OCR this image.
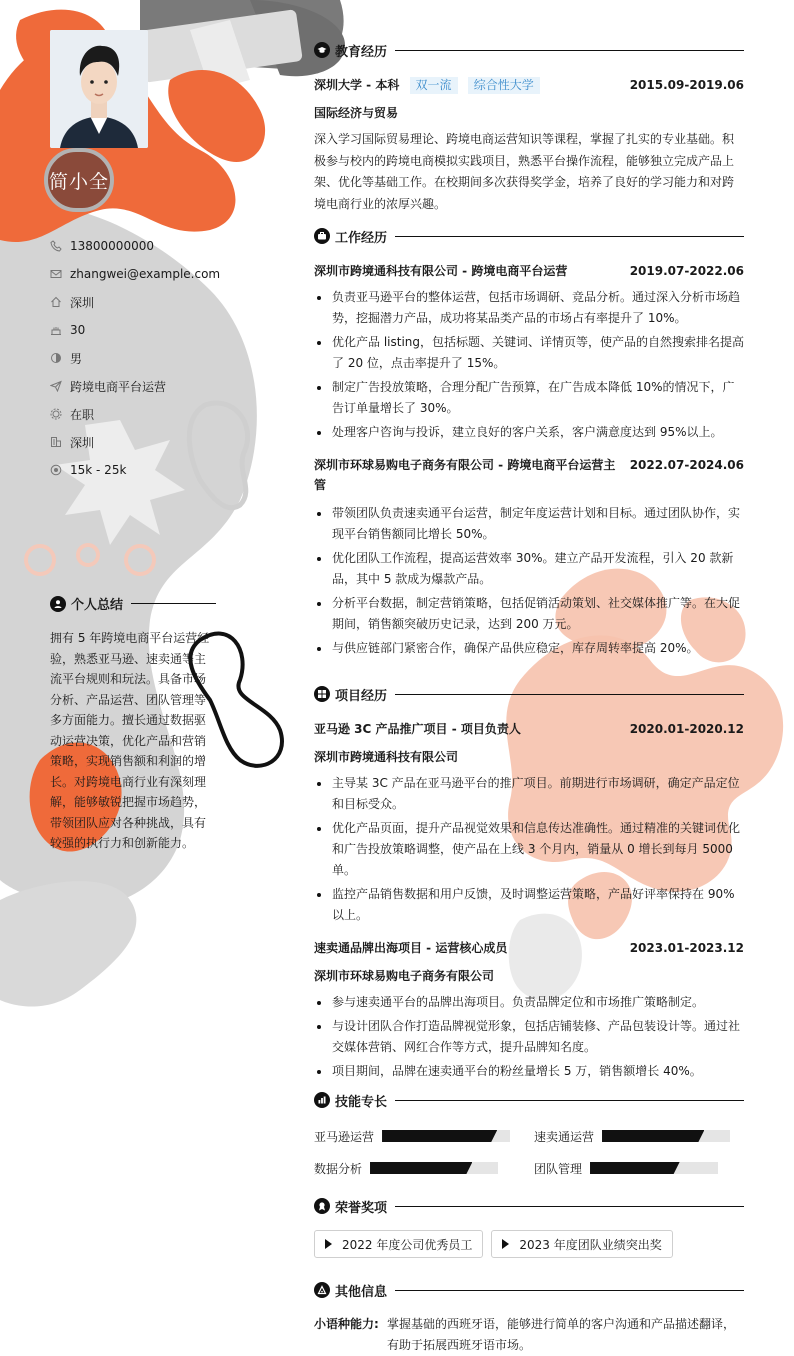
简小全
13800000000
zhangwei@example.com
深圳
30
男
跨境电商平台运营
在职
深圳
15k - 25k
个人总结
拥有 5 年跨境电商平台运营经验，熟悉亚马逊、速卖通等主流平台规则和玩法。具备市场分析、产品运营、团队管理等多方面能力。擅长通过数据驱动运营决策，优化产品和营销策略，实现销售额和利润的增长。对跨境电商行业有深刻理解，能够敏锐把握市场趋势，带领团队应对各种挑战，具有较强的执行力和创新能力。
教育经历
深圳大学 - 本科 双一流 综合性大学	2015.09-2019.06
国际经济与贸易
深入学习国际贸易理论、跨境电商运营知识等课程，掌握了扎实的专业基础。积极参与校内的跨境电商模拟实践项目，熟悉平台操作流程，能够独立完成产品上架、优化等基础工作。在校期间多次获得奖学金，培养了良好的学习能力和对跨境电商行业的浓厚兴趣。
工作经历
深圳市跨境通科技有限公司 - 跨境电商平台运营	2019.07-2022.06
负责亚马逊平台的整体运营，包括市场调研、竞品分析。通过深入分析市场趋势，挖掘潜力产品，成功将某品类产品的市场占有率提升了 10%。
优化产品 listing，包括标题、关键词、详情页等，使产品的自然搜索排名提高了 20 位，点击率提升了 15%。
制定广告投放策略，合理分配广告预算，在广告成本降低 10%的情况下，广告订单量增长了 30%。
处理客户咨询与投诉，建立良好的客户关系，客户满意度达到 95%以上。
深圳市环球易购电子商务有限公司 - 跨境电商平台运营主管
2022.07-2024.06
带领团队负责速卖通平台运营，制定年度运营计划和目标。通过团队协作，实现平台销售额同比增长 50%。
优化团队工作流程，提高运营效率 30%。建立产品开发流程，引入 20 款新品，其中 5 款成为爆款产品。
分析平台数据，制定营销策略，包括促销活动策划、社交媒体推广等。在大促期间，销售额突破历史记录，达到 200 万元。
与供应链部门紧密合作，确保产品供应稳定，库存周转率提高 20%。
项目经历
亚马逊 3C 产品推广项目 - 项目负责人	2020.01-2020.12
深圳市跨境通科技有限公司
主导某 3C 产品在亚马逊平台的推广项目。前期进行市场调研，确定产品定位和目标受众。
优化产品页面，提升产品视觉效果和信息传达准确性。通过精准的关键词优化和广告投放策略调整，使产品在上线 3 个月内，销量从 0 增长到每月 5000 单。
监控产品销售数据和用户反馈，及时调整运营策略，产品好评率保持在 90%以上。
速卖通品牌出海项目 - 运营核心成员	2023.01-2023.12
深圳市环球易购电子商务有限公司
参与速卖通平台的品牌出海项目。负责品牌定位和市场推广策略制定。
与设计团队合作打造品牌视觉形象，包括店铺装修、产品包装设计等。通过社交媒体营销、网红合作等方式，提升品牌知名度。
项目期间，品牌在速卖通平台的粉丝量增长 5 万，销售额增长 40%。
技能专长
亚马逊运营	速卖通运营
数据分析	团队管理
荣誉奖项
2022 年度公司优秀员工	2023 年度团队业绩突出奖
其他信息
小语种能力: 掌握基础的西班牙语，能够进行简单的客户沟通和产品描述翻译，有助于拓展西班牙语市场。
